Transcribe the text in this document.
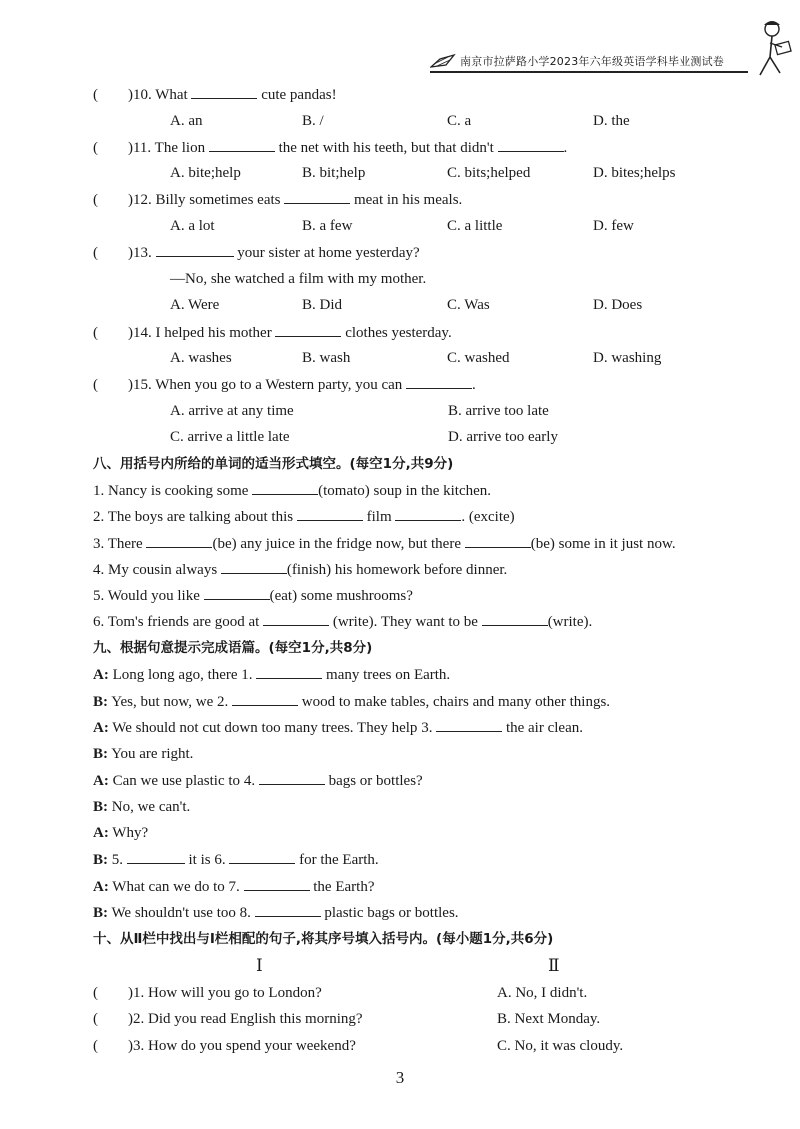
南京市拉萨路小学2023年六年级英语学科毕业测试卷
(　　)10. What	cute pandas!
A. an	B. /	C. a	D. the
(　　)11. The lion	the net with his teeth, but that didn't	.
A. bite;help	B. bit;help	C. bits;helped	D. bites;helps
(　　)12. Billy sometimes eats	meat in his meals.
A. a lot	B. a few	C. a little	D. few
(　　)13.	your sister at home yesterday?
—No, she watched a film with my mother.
A. Were	B. Did	C. Was	D. Does
(　　)14. I helped his mother	clothes yesterday.
A. washes	B. wash	C. washed	D. washing
(　　)15. When you go to a Western party, you can	.
A. arrive at any time	B. arrive too late
C. arrive a little late	D. arrive too early
八、用括号内所给的单词的适当形式填空。(每空1分,共9分)
1. Nancy is cooking some	(tomato) soup in the kitchen.
2. The boys are talking about this	film	. (excite)
3. There	(be) any juice in the fridge now, but there	(be) some in it just now.
4. My cousin always	(finish) his homework before dinner.
5. Would you like	(eat) some mushrooms?
6. Tom's friends are good at	(write). They want to be	(write).
九、根据句意提示完成语篇。(每空1分,共8分)
A: Long long ago, there 1.	many trees on Earth.
B: Yes, but now, we 2.	wood to make tables, chairs and many other things.
A: We should not cut down too many trees. They help 3.	the air clean.
B: You are right.
A: Can we use plastic to 4.	bags or bottles?
B: No, we can't.
A: Why?
B: 5.	it is 6.	for the Earth.
A: What can we do to 7.	the Earth?
B: We shouldn't use too 8.	plastic bags or bottles.
十、从Ⅱ栏中找出与Ⅰ栏相配的句子,将其序号填入括号内。(每小题1分,共6分)
Ⅰ	Ⅱ
(　　)1. How will you go to London?	A. No, I didn't.
(　　)2. Did you read English this morning?	B. Next Monday.
(　　)3. How do you spend your weekend?	C. No, it was cloudy.
3
